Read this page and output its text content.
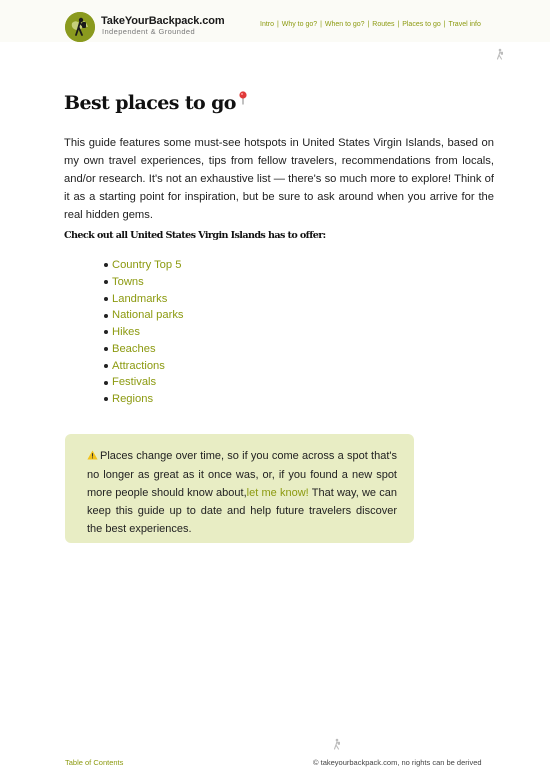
TakeYourBackpack.com
Independent & Grounded
Intro | Why to go? | When to go? | Routes | Places to go | Travel info
Best places to go

This guide features some must-see hotspots in United States Virgin Islands, based on my own travel experiences, tips from fellow travelers, recommendations from locals, and/or research. It's not an exhaustive list — there's so much more to explore! Think of it as a starting point for inspiration, but be sure to ask around when you arrive for the real hidden gems.

Check out all United States Virgin Islands has to offer:
Country Top 5
Towns
Landmarks
National parks
Hikes
Beaches
Attractions
Festivals
Regions

Places change over time, so if you come across a spot that's no longer as great as it once was, or, if you found a new spot more people should know about,let me know! That way, we can keep this guide up to date and help future travelers discover the best experiences.

Table of Contents	© takeyourbackpack.com, no rights can be derived
